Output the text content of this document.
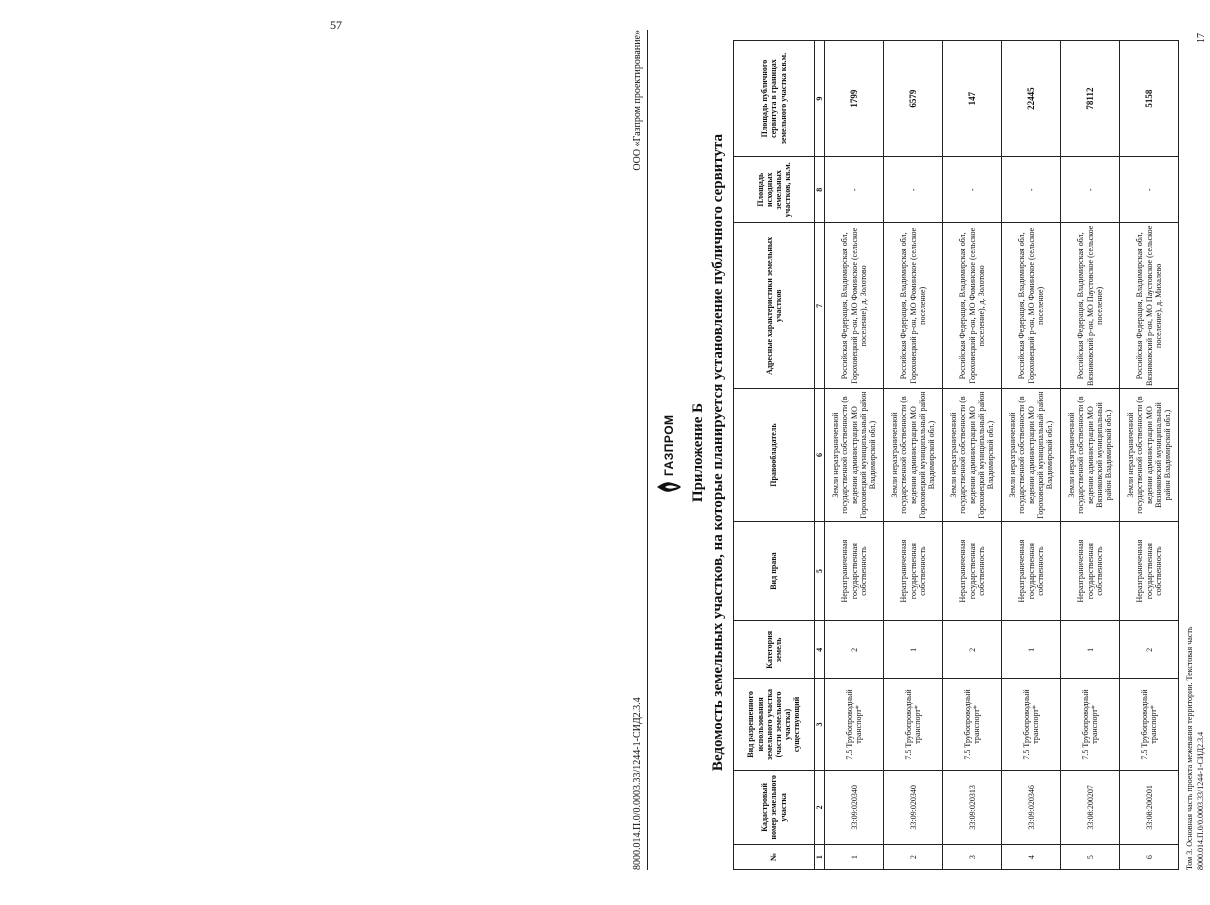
57
8000.014.П.0/0.0003.33/1244-1-СИД2.3.4
ООО «Газпром проектирование»
ГАЗПРОМ Приложение Б Ведомость земельных участков, на которые планируется установление публичного сервитута
№	Кадастровый номер земельного участка	Вид разрешенного использования земельного участка (части земельного участка) существующий	Категория земель	Вид права	Правообладатель	Адресные характеристики земельных участков	Площадь исходных земельных участков, кв.м.	Площадь публичного сервитута в границах земельного участка кв.м.
1	2	3	4	5	6	7	8	9
1	33:09:020340	7.5 Трубопроводный транспорт*	2	Неразграниченная государственная собственность	Земли неразграниченной государственной собственности (в ведении администрации МО Гороховецкий муниципальный район Владимирской обл.)	Российская Федерация, Владимирская обл, Гороховецкий р-он, МО Фоминское (сельское поселение), д. Золотово	-	1799
2	33:09:020340	7.5 Трубопроводный транспорт*	1	Неразграниченная государственная собственность	Земли неразграниченной государственной собственности (в ведении администрации МО Гороховецкий муниципальный район Владимирской обл.)	Российская Федерация, Владимирская обл, Гороховецкий р-он, МО Фоминское (сельское поселение)	-	6579
3	33:09:020313	7.5 Трубопроводный транспорт*	2	Неразграниченная государственная собственность	Земли неразграниченной государственной собственности (в ведении администрации МО Гороховецкий муниципальный район Владимирской обл.)	Российская Федерация, Владимирская обл, Гороховецкий р-он, МО Фоминское (сельское поселение), д. Золотово	-	147
4	33:09:020346	7.5 Трубопроводный транспорт*	1	Неразграниченная государственная собственность	Земли неразграниченной государственной собственности (в ведении администрации МО Гороховецкий муниципальный район Владимирской обл.)	Российская Федерация, Владимирская обл, Гороховецкий р-он, МО Фоминское (сельское поселение)	-	22445
5	33:08:200207	7.5 Трубопроводный транспорт*	1	Неразграниченная государственная собственность	Земли неразграниченной государственной собственности (в ведении администрации МО Вязниковский муниципальный район Владимирской обл.)	Российская Федерация, Владимирская обл, Вязниковский р-он, МО Паустовское (сельское поселение)	-	78112
6	33:08:200201	7.5 Трубопроводный транспорт*	2	Неразграниченная государственная собственность	Земли неразграниченной государственной собственности (в ведении администрации МО Вязниковский муниципальный район Владимирской обл.)	Российская Федерация, Владимирская обл, Вязниковский р-он, МО Паустовское (сельское поселение), д. Михалево	-	5158
Том 3. Основная часть проекта межевания территории. Текстовая часть 8000.014.П.0/0.0003.33/1244-1-СИД2.3.4
17
